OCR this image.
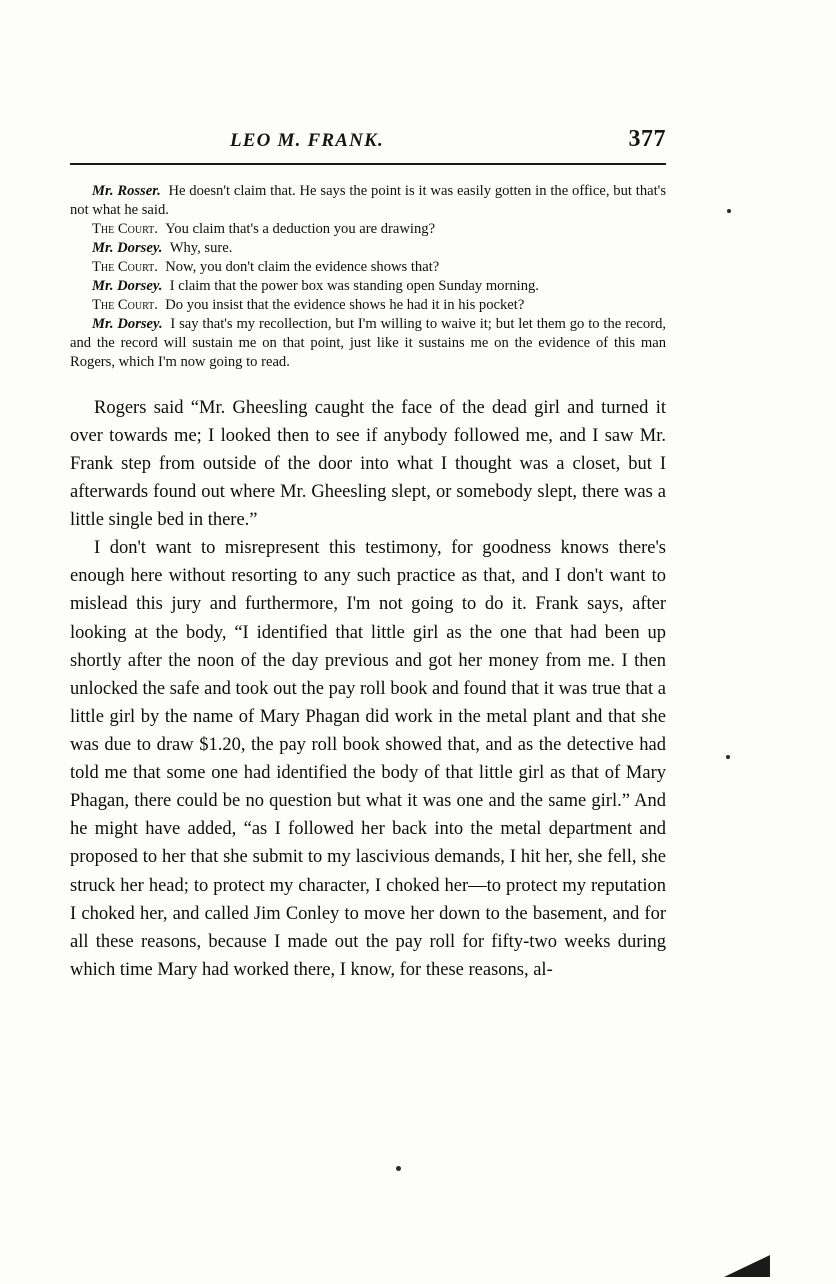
LEO M. FRANK.	377

Mr. Rosser. He doesn't claim that. He says the point is it was easily gotten in the office, but that's not what he said.

The Court. You claim that's a deduction you are drawing?

Mr. Dorsey. Why, sure.

The Court. Now, you don't claim the evidence shows that?

Mr. Dorsey. I claim that the power box was standing open Sunday morning.

The Court. Do you insist that the evidence shows he had it in his pocket?

Mr. Dorsey. I say that's my recollection, but I'm willing to waive it; but let them go to the record, and the record will sustain me on that point, just like it sustains me on the evidence of this man Rogers, which I'm now going to read.

Rogers said “Mr. Gheesling caught the face of the dead girl and turned it over towards me; I looked then to see if anybody followed me, and I saw Mr. Frank step from outside of the door into what I thought was a closet, but I afterwards found out where Mr. Gheesling slept, or somebody slept, there was a little single bed in there.”

I don't want to misrepresent this testimony, for goodness knows there's enough here without resorting to any such practice as that, and I don't want to mislead this jury and furthermore, I'm not going to do it. Frank says, after looking at the body, “I identified that little girl as the one that had been up shortly after the noon of the day previous and got her money from me. I then unlocked the safe and took out the pay roll book and found that it was true that a little girl by the name of Mary Phagan did work in the metal plant and that she was due to draw $1.20, the pay roll book showed that, and as the detective had told me that some one had identified the body of that little girl as that of Mary Phagan, there could be no question but what it was one and the same girl.” And he might have added, “as I followed her back into the metal department and proposed to her that she submit to my lascivious demands, I hit her, she fell, she struck her head; to protect my character, I choked her—to protect my reputation I choked her, and called Jim Conley to move her down to the basement, and for all these reasons, because I made out the pay roll for fifty-two weeks during which time Mary had worked there, I know, for these reasons, al-
